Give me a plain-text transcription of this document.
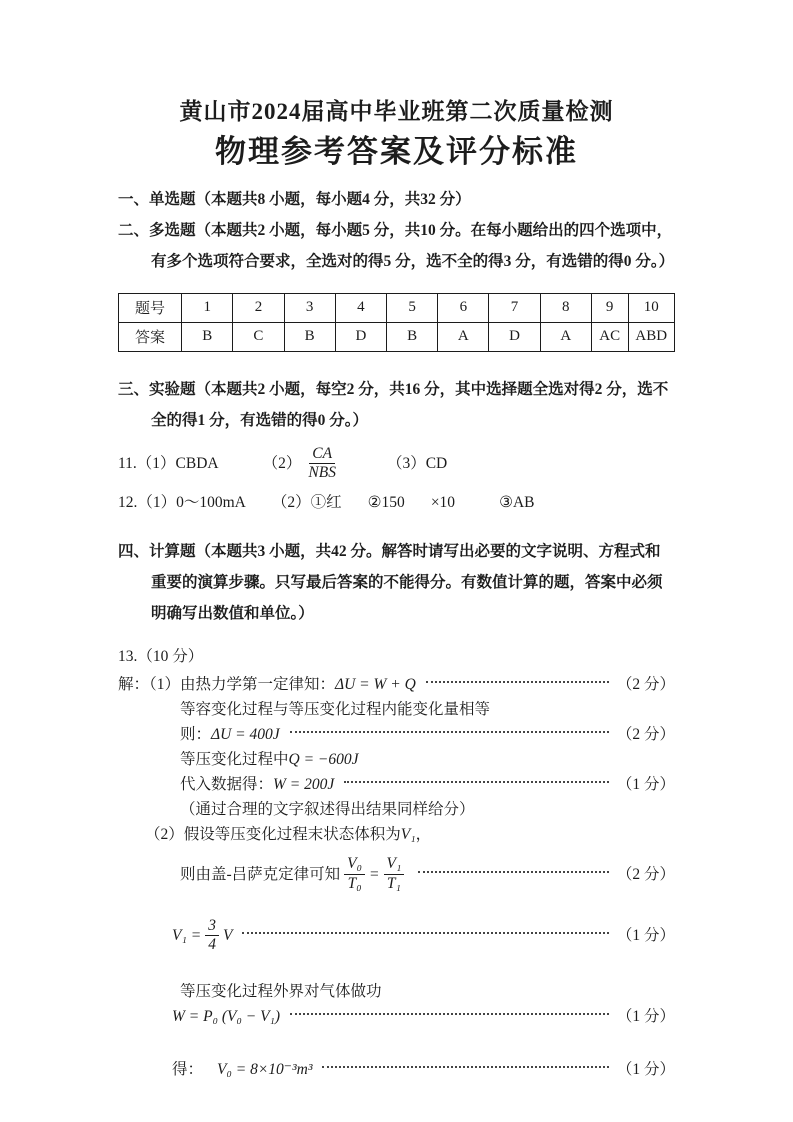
黄山市2024届高中毕业班第二次质量检测
物理参考答案及评分标准

一、单选题（本题共8 小题，每小题4 分，共32 分）

二、多选题（本题共2 小题，每小题5 分，共10 分。在每小题给出的四个选项中，有多个选项符合要求，全选对的得5 分，选不全的得3 分，有选错的得0 分。）

题号	1	2	3	4	5	6	7	8	9	10
答案	B	C	B	D	B	A	D	A	AC	ABD

三、实验题（本题共2 小题，每空2 分，共16 分，其中选择题全选对得2 分，选不全的得1 分，有选错的得0 分。）

11.（1）CBDA	$(2) \frac{CA}{\text{NBS}}$	（3）CD
12.（1）0～100mA （2）①红 ②150 ×10	③AB

四、计算题（本题共3 小题，共42 分。解答时请写出必要的文字说明、方程式和重要的演算步骤。只写最后答案的不能得分。有数值计算的题，答案中必须明确写出数值和单位。）

13.（10 分）

解：（1）由热力学第一定律知： ΔU = W + Q	（2 分）
等容变化过程与等压变化过程内能变化量相等
则： ΔU = 400J	（2 分）
等压变化过程中 Q = −600J
代入数据得： W = 200J	（1 分）
（通过合理的文字叙述得出结果同样给分）
（2）假设等压变化过程末状态体积为 V₁ ，
则由盖-吕萨克定律可知 $\frac{\text{V₀}}{\text{T₀}} = \frac{\text{V₁}}{\text{T₁}}$	（2 分）
$V_1 = \frac{3}{4}$ V	（1 分）
等压变化过程外界对气体做功
W = P₀ (V₀ − V₁)	（1 分）
得： V₀ = 8×10⁻³m³	（1 分）
